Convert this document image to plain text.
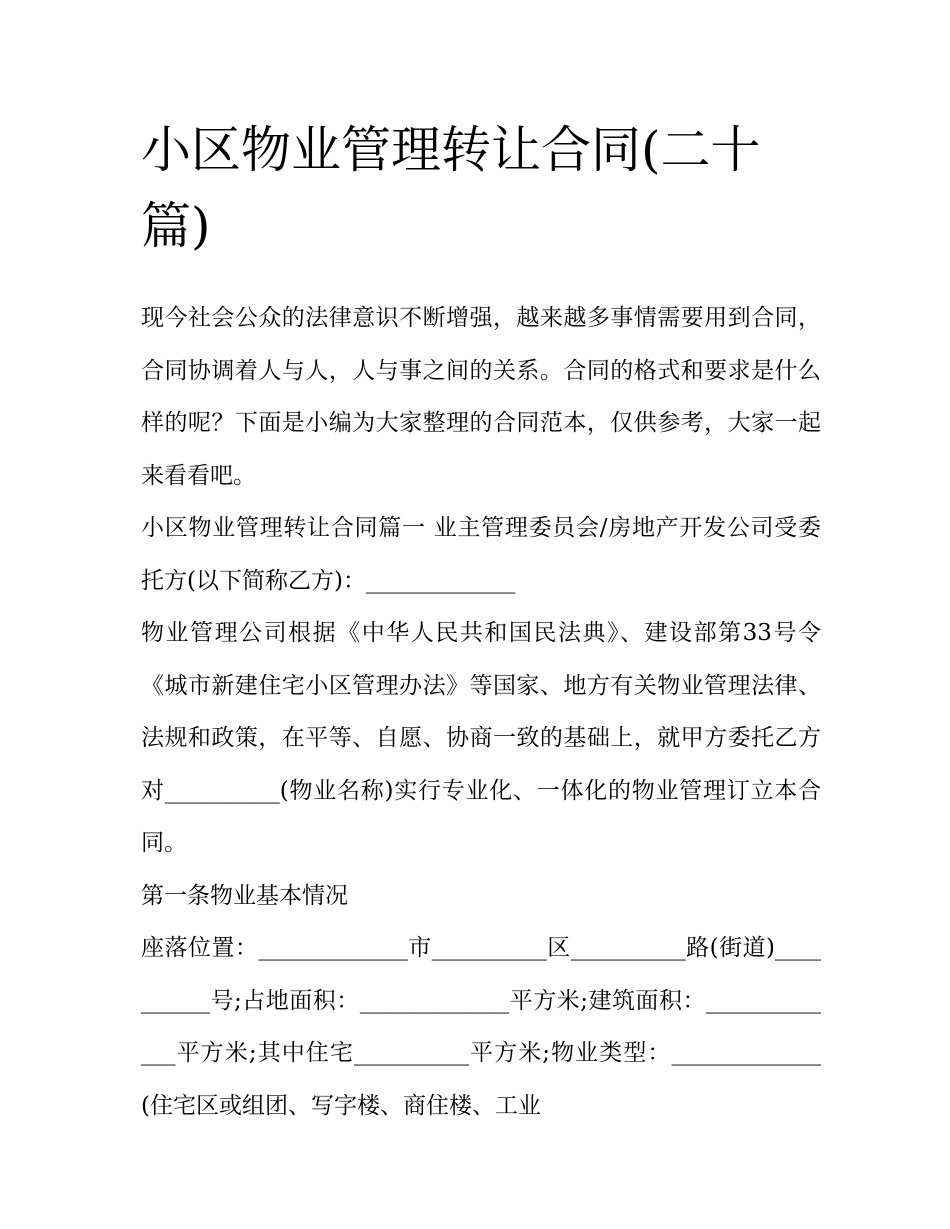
小区物业管理转让合同(二十篇)

现今社会公众的法律意识不断增强，越来越多事情需要用到合同，合同协调着人与人，人与事之间的关系。合同的格式和要求是什么样的呢？下面是小编为大家整理的合同范本，仅供参考，大家一起来看看吧。

小区物业管理转让合同篇一 业主管理委员会/房地产开发公司受委托方(以下简称乙方)：_____________

物业管理公司根据《中华人民共和国民法典》、建设部第33号令《城市新建住宅小区管理办法》等国家、地方有关物业管理法律、法规和政策，在平等、自愿、协商一致的基础上，就甲方委托乙方对__________(物业名称)实行专业化、一体化的物业管理订立本合同。

第一条物业基本情况

座落位置：_____________市__________区__________路(街道)__________号;占地面积：_____________平方米;建筑面积：_____________平方米;其中住宅__________平方米;物业类型：_____________(住宅区或组团、写字楼、商住楼、工业
